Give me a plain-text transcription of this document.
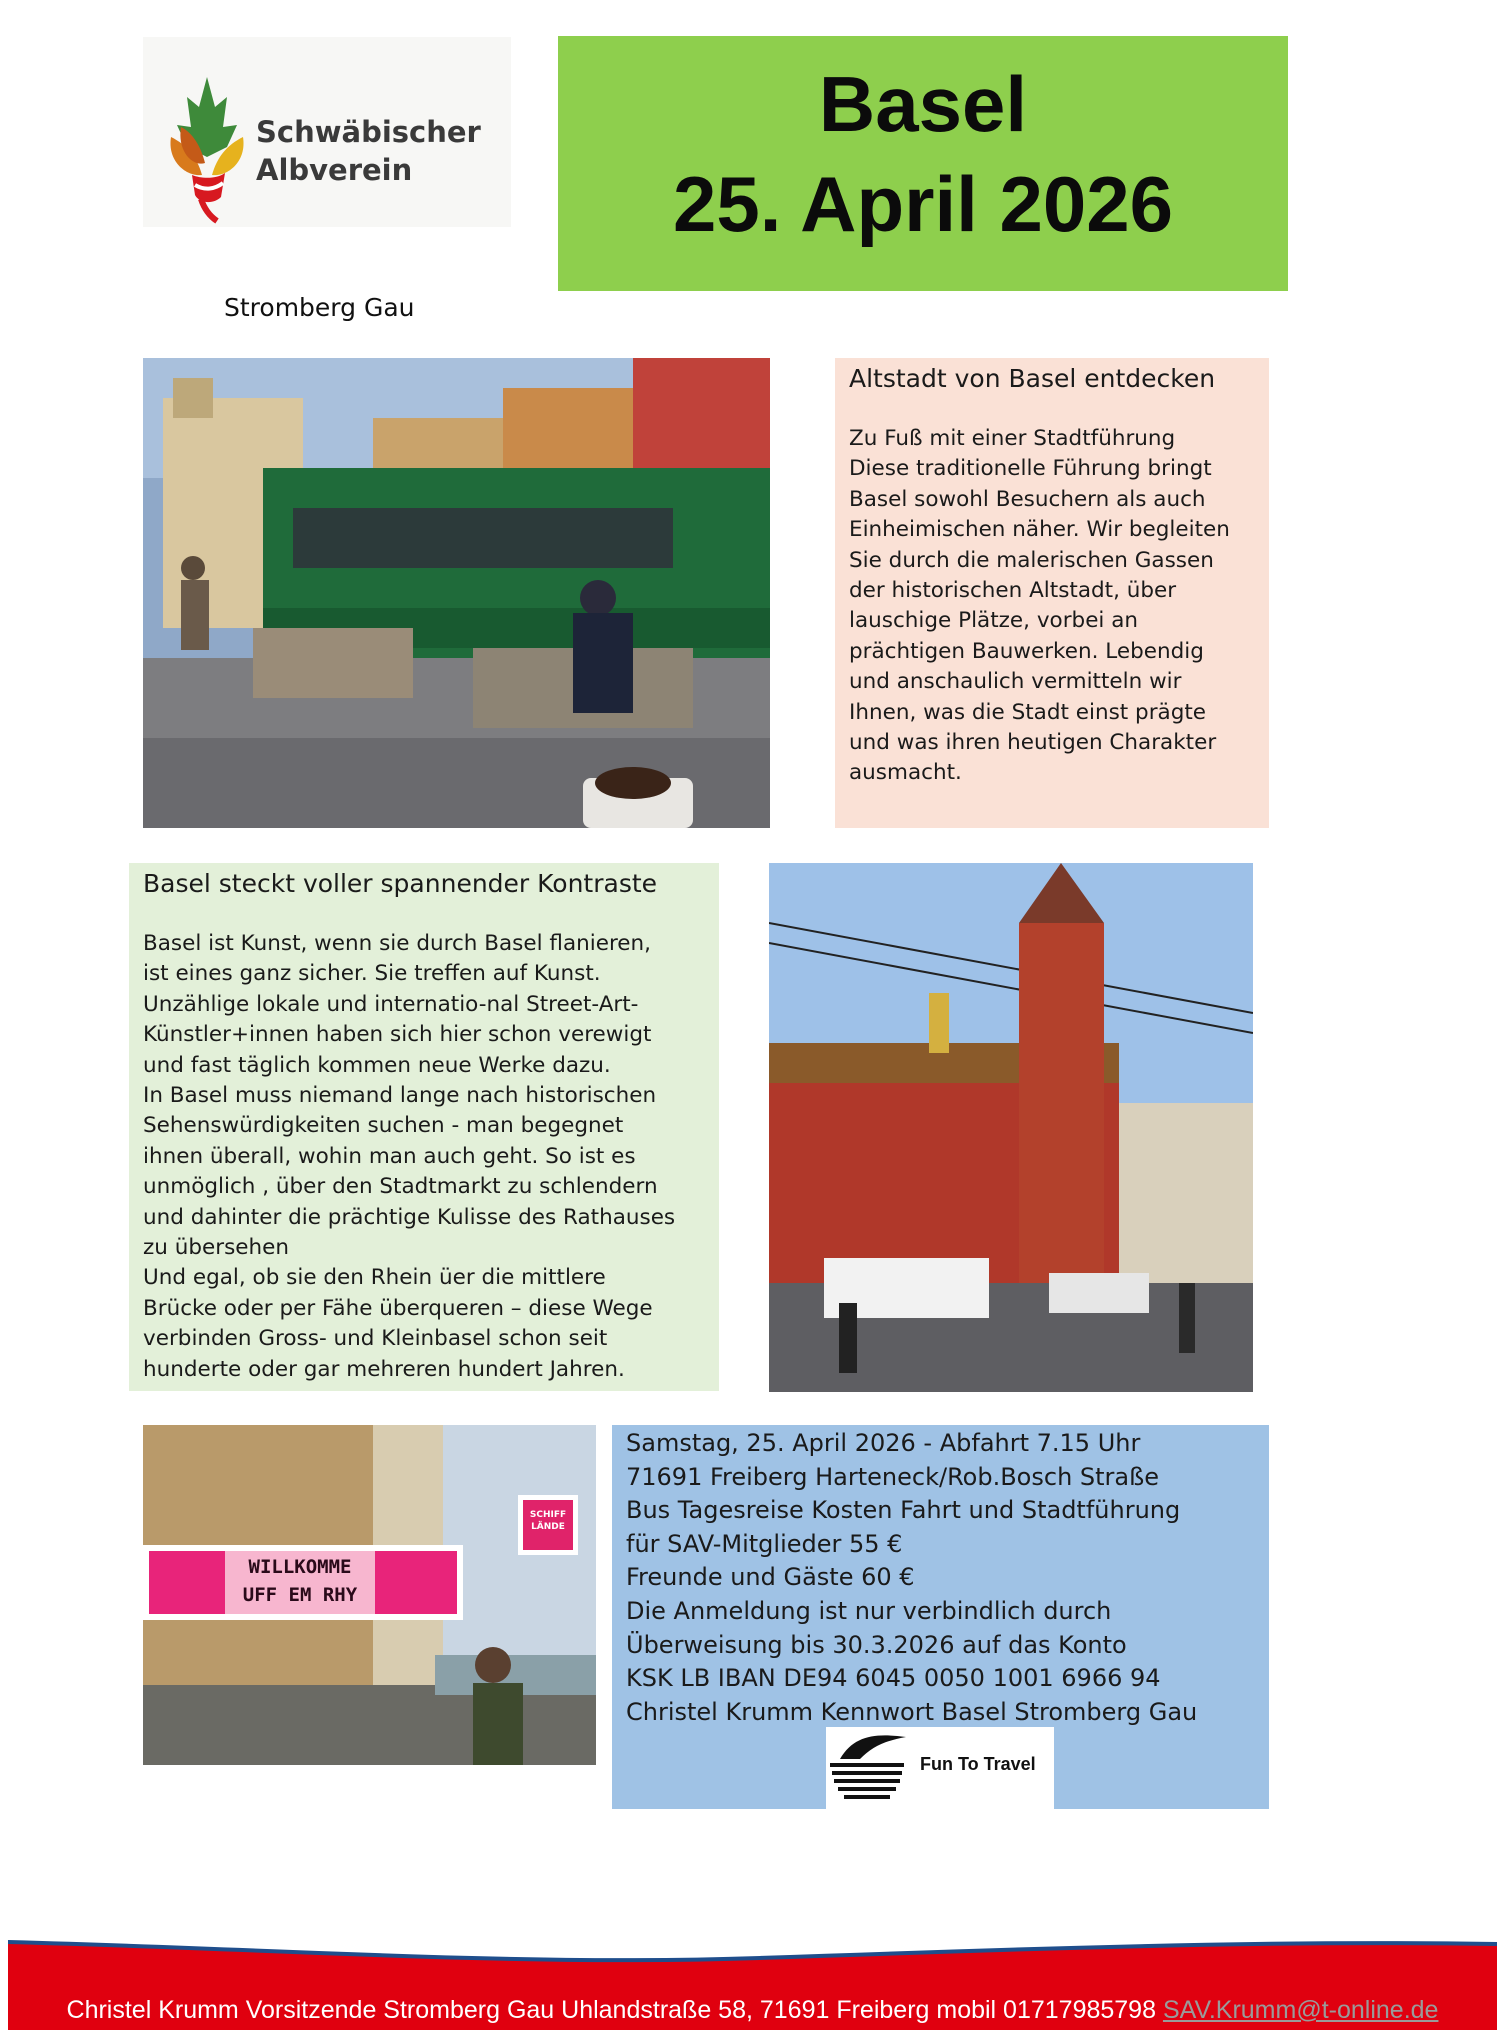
Schwäbischer
Albverein
Basel
25. April 2026
Stromberg Gau
Altstadt von Basel entdecken
Zu Fuß mit einer Stadtführung
Diese traditionelle Führung bringt
Basel sowohl Besuchern als auch
Einheimischen näher. Wir begleiten
Sie durch die malerischen Gassen
der historischen Altstadt, über
lauschige Plätze, vorbei an
prächtigen Bauwerken. Lebendig
und anschaulich vermitteln wir
Ihnen, was die Stadt einst prägte
und was ihren heutigen Charakter
ausmacht.
Basel steckt voller spannender Kontraste
Basel ist Kunst, wenn sie durch Basel flanieren,
ist eines ganz sicher. Sie treffen auf Kunst.
Unzählige lokale und internatio-nal Street-Art-
Künstler+innen haben sich hier schon verewigt
und fast täglich kommen neue Werke dazu.
In Basel muss niemand lange nach historischen
Sehenswürdigkeiten suchen - man begegnet
ihnen überall, wohin man auch geht. So ist es
unmöglich , über den Stadtmarkt zu schlendern
und dahinter die prächtige Kulisse des Rathauses
zu übersehen
Und egal, ob sie den Rhein üer die mittlere
Brücke oder per Fähe überqueren – diese Wege
verbinden Gross- und Kleinbasel schon seit
hunderte oder gar mehreren hundert Jahren.
WILLKOMME
UFF EM RHY
SCHIFF
LÄNDE
Samstag, 25. April 2026 - Abfahrt 7.15 Uhr
71691 Freiberg Harteneck/Rob.Bosch Straße
Bus Tagesreise Kosten Fahrt und Stadtführung
für SAV-Mitglieder 55 €
Freunde und Gäste 60 €
Die Anmeldung ist nur verbindlich durch
Überweisung bis 30.3.2026 auf das Konto
KSK LB IBAN DE94 6045 0050 1001 6966 94
Christel Krumm Kennwort Basel Stromberg Gau
Fun To Travel
Christel Krumm Vorsitzende Stromberg Gau Uhlandstraße 58, 71691 Freiberg mobil 01717985798 SAV.Krumm@t-online.de
